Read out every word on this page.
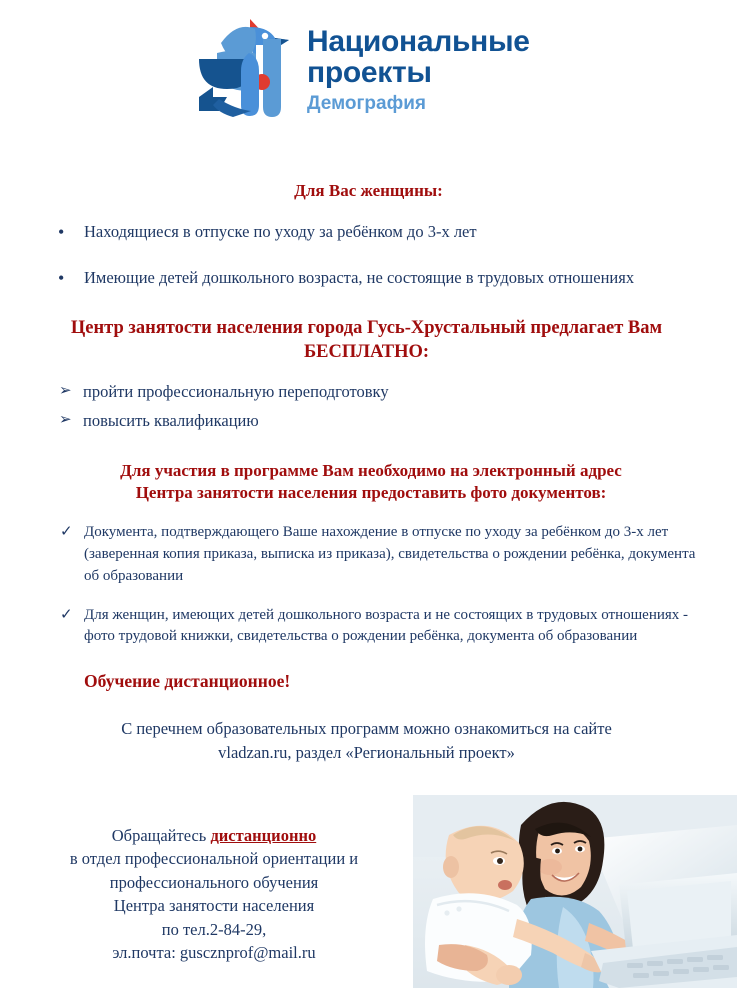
Национальные
проекты
Демография
Для Вас женщины:
• Находящиеся в отпуске по уходу за ребёнком до 3-х лет
• Имеющие детей дошкольного возраста, не состоящие в трудовых отношениях
Центр занятости населения города Гусь-Хрустальный предлагает Вам
БЕСПЛАТНО:
➢ пройти профессиональную переподготовку
➢ повысить квалификацию
Для участия в программе Вам необходимо на электронный адрес
Центра занятости населения предоставить фото документов:
✓ Документа, подтверждающего Ваше нахождение в отпуске по уходу за ребёнком до 3-х лет (заверенная копия приказа, выписка из приказа), свидетельства о рождении ребёнка, документа об образовании
✓ Для женщин, имеющих детей дошкольного возраста и не состоящих в трудовых отношениях - фото трудовой книжки, свидетельства о рождении ребёнка, документа об образовании
Обучение дистанционное!
С перечнем образовательных программ можно ознакомиться на сайте
vladzan.ru, раздел «Региональный проект»
Обращайтесь дистанционно
в отдел профессиональной ориентации и
профессионального обучения
Центра занятости населения
по тел.2-84-29,
эл.почта: guscznprof@mail.ru
